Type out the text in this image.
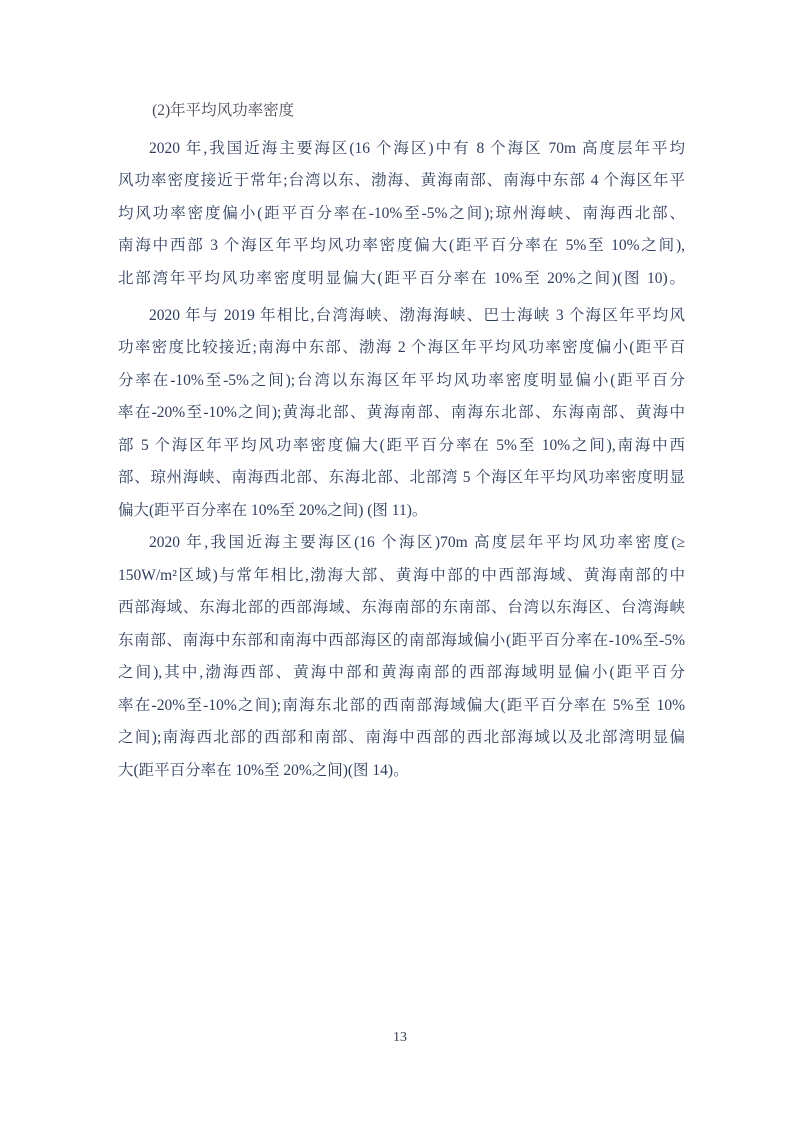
(2)年平均风功率密度
2020 年,我国近海主要海区(16 个海区)中有 8 个海区 70m 高度层年平均
风功率密度接近于常年;台湾以东、渤海、黄海南部、南海中东部 4 个海区年平
均风功率密度偏小(距平百分率在-10%至-5%之间);琼州海峡、南海西北部、
南海中西部 3 个海区年平均风功率密度偏大(距平百分率在 5%至 10%之间),
北部湾年平均风功率密度明显偏大(距平百分率在 10%至 20%之间)(图 10)。
2020 年与 2019 年相比,台湾海峡、渤海海峡、巴士海峡 3 个海区年平均风
功率密度比较接近;南海中东部、渤海 2 个海区年平均风功率密度偏小(距平百
分率在-10%至-5%之间);台湾以东海区年平均风功率密度明显偏小(距平百分
率在-20%至-10%之间);黄海北部、黄海南部、南海东北部、东海南部、黄海中
部 5 个海区年平均风功率密度偏大(距平百分率在 5%至 10%之间),南海中西
部、琼州海峡、南海西北部、东海北部、北部湾 5 个海区年平均风功率密度明显
偏大(距平百分率在 10%至 20%之间) (图 11)。
2020 年,我国近海主要海区(16 个海区)70m 高度层年平均风功率密度(≥
150W/m²区域)与常年相比,渤海大部、黄海中部的中西部海域、黄海南部的中
西部海域、东海北部的西部海域、东海南部的东南部、台湾以东海区、台湾海峡
东南部、南海中东部和南海中西部海区的南部海域偏小(距平百分率在-10%至-5%
之间),其中,渤海西部、黄海中部和黄海南部的西部海域明显偏小(距平百分
率在-20%至-10%之间);南海东北部的西南部海域偏大(距平百分率在 5%至 10%
之间);南海西北部的西部和南部、南海中西部的西北部海域以及北部湾明显偏
大(距平百分率在 10%至 20%之间)(图 14)。
13
